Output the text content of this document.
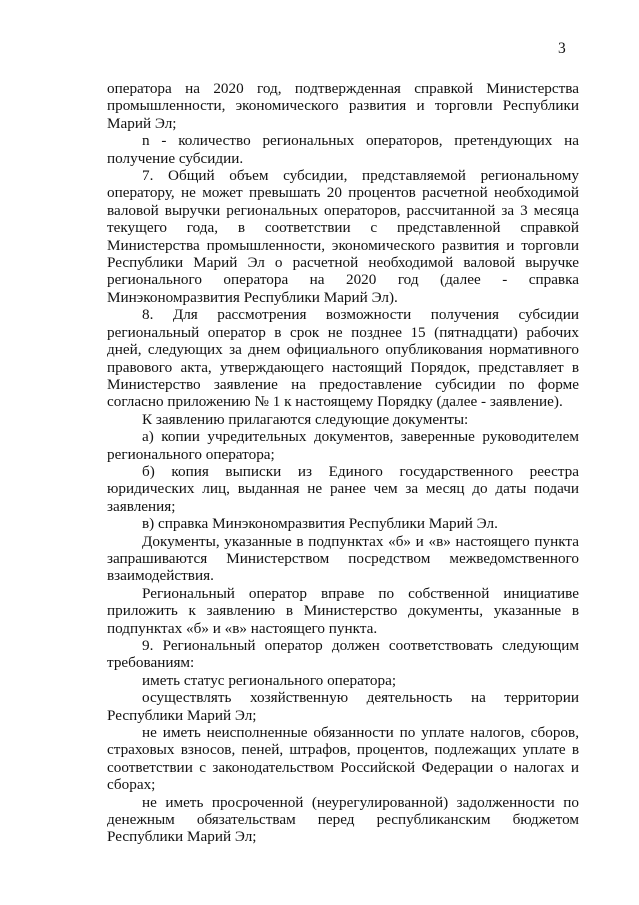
3

оператора на 2020 год, подтвержденная справкой Министерства промышленности, экономического развития и торговли Республики Марий Эл;

n - количество региональных операторов, претендующих на получение субсидии.

7. Общий объем субсидии, представляемой региональному оператору, не может превышать 20 процентов расчетной необходимой валовой выручки региональных операторов, рассчитанной за 3 месяца текущего года, в соответствии с представленной справкой Министерства промышленности, экономического развития и торговли Республики Марий Эл о расчетной необходимой валовой выручке регионального оператора на 2020 год (далее - справка Минэкономразвития Республики Марий Эл).

8. Для рассмотрения возможности получения субсидии региональный оператор в срок не позднее 15 (пятнадцати) рабочих дней, следующих за днем официального опубликования нормативного правового акта, утверждающего настоящий Порядок, представляет в Министерство заявление на предоставление субсидии по форме согласно приложению № 1 к настоящему Порядку (далее - заявление).

К заявлению прилагаются следующие документы:

а) копии учредительных документов, заверенные руководителем регионального оператора;

б) копия выписки из Единого государственного реестра юридических лиц, выданная не ранее чем за месяц до даты подачи заявления;

в) справка Минэкономразвития Республики Марий Эл.

Документы, указанные в подпунктах «б» и «в» настоящего пункта запрашиваются Министерством посредством межведомственного взаимодействия.

Региональный оператор вправе по собственной инициативе приложить к заявлению в Министерство документы, указанные в подпунктах «б» и «в» настоящего пункта.

9. Региональный оператор должен соответствовать следующим требованиям:

иметь статус регионального оператора;

осуществлять хозяйственную деятельность на территории Республики Марий Эл;

не иметь неисполненные обязанности по уплате налогов, сборов, страховых взносов, пеней, штрафов, процентов, подлежащих уплате в соответствии с законодательством Российской Федерации о налогах и сборах;

не иметь просроченной (неурегулированной) задолженности по денежным обязательствам перед республиканским бюджетом Республики Марий Эл;
